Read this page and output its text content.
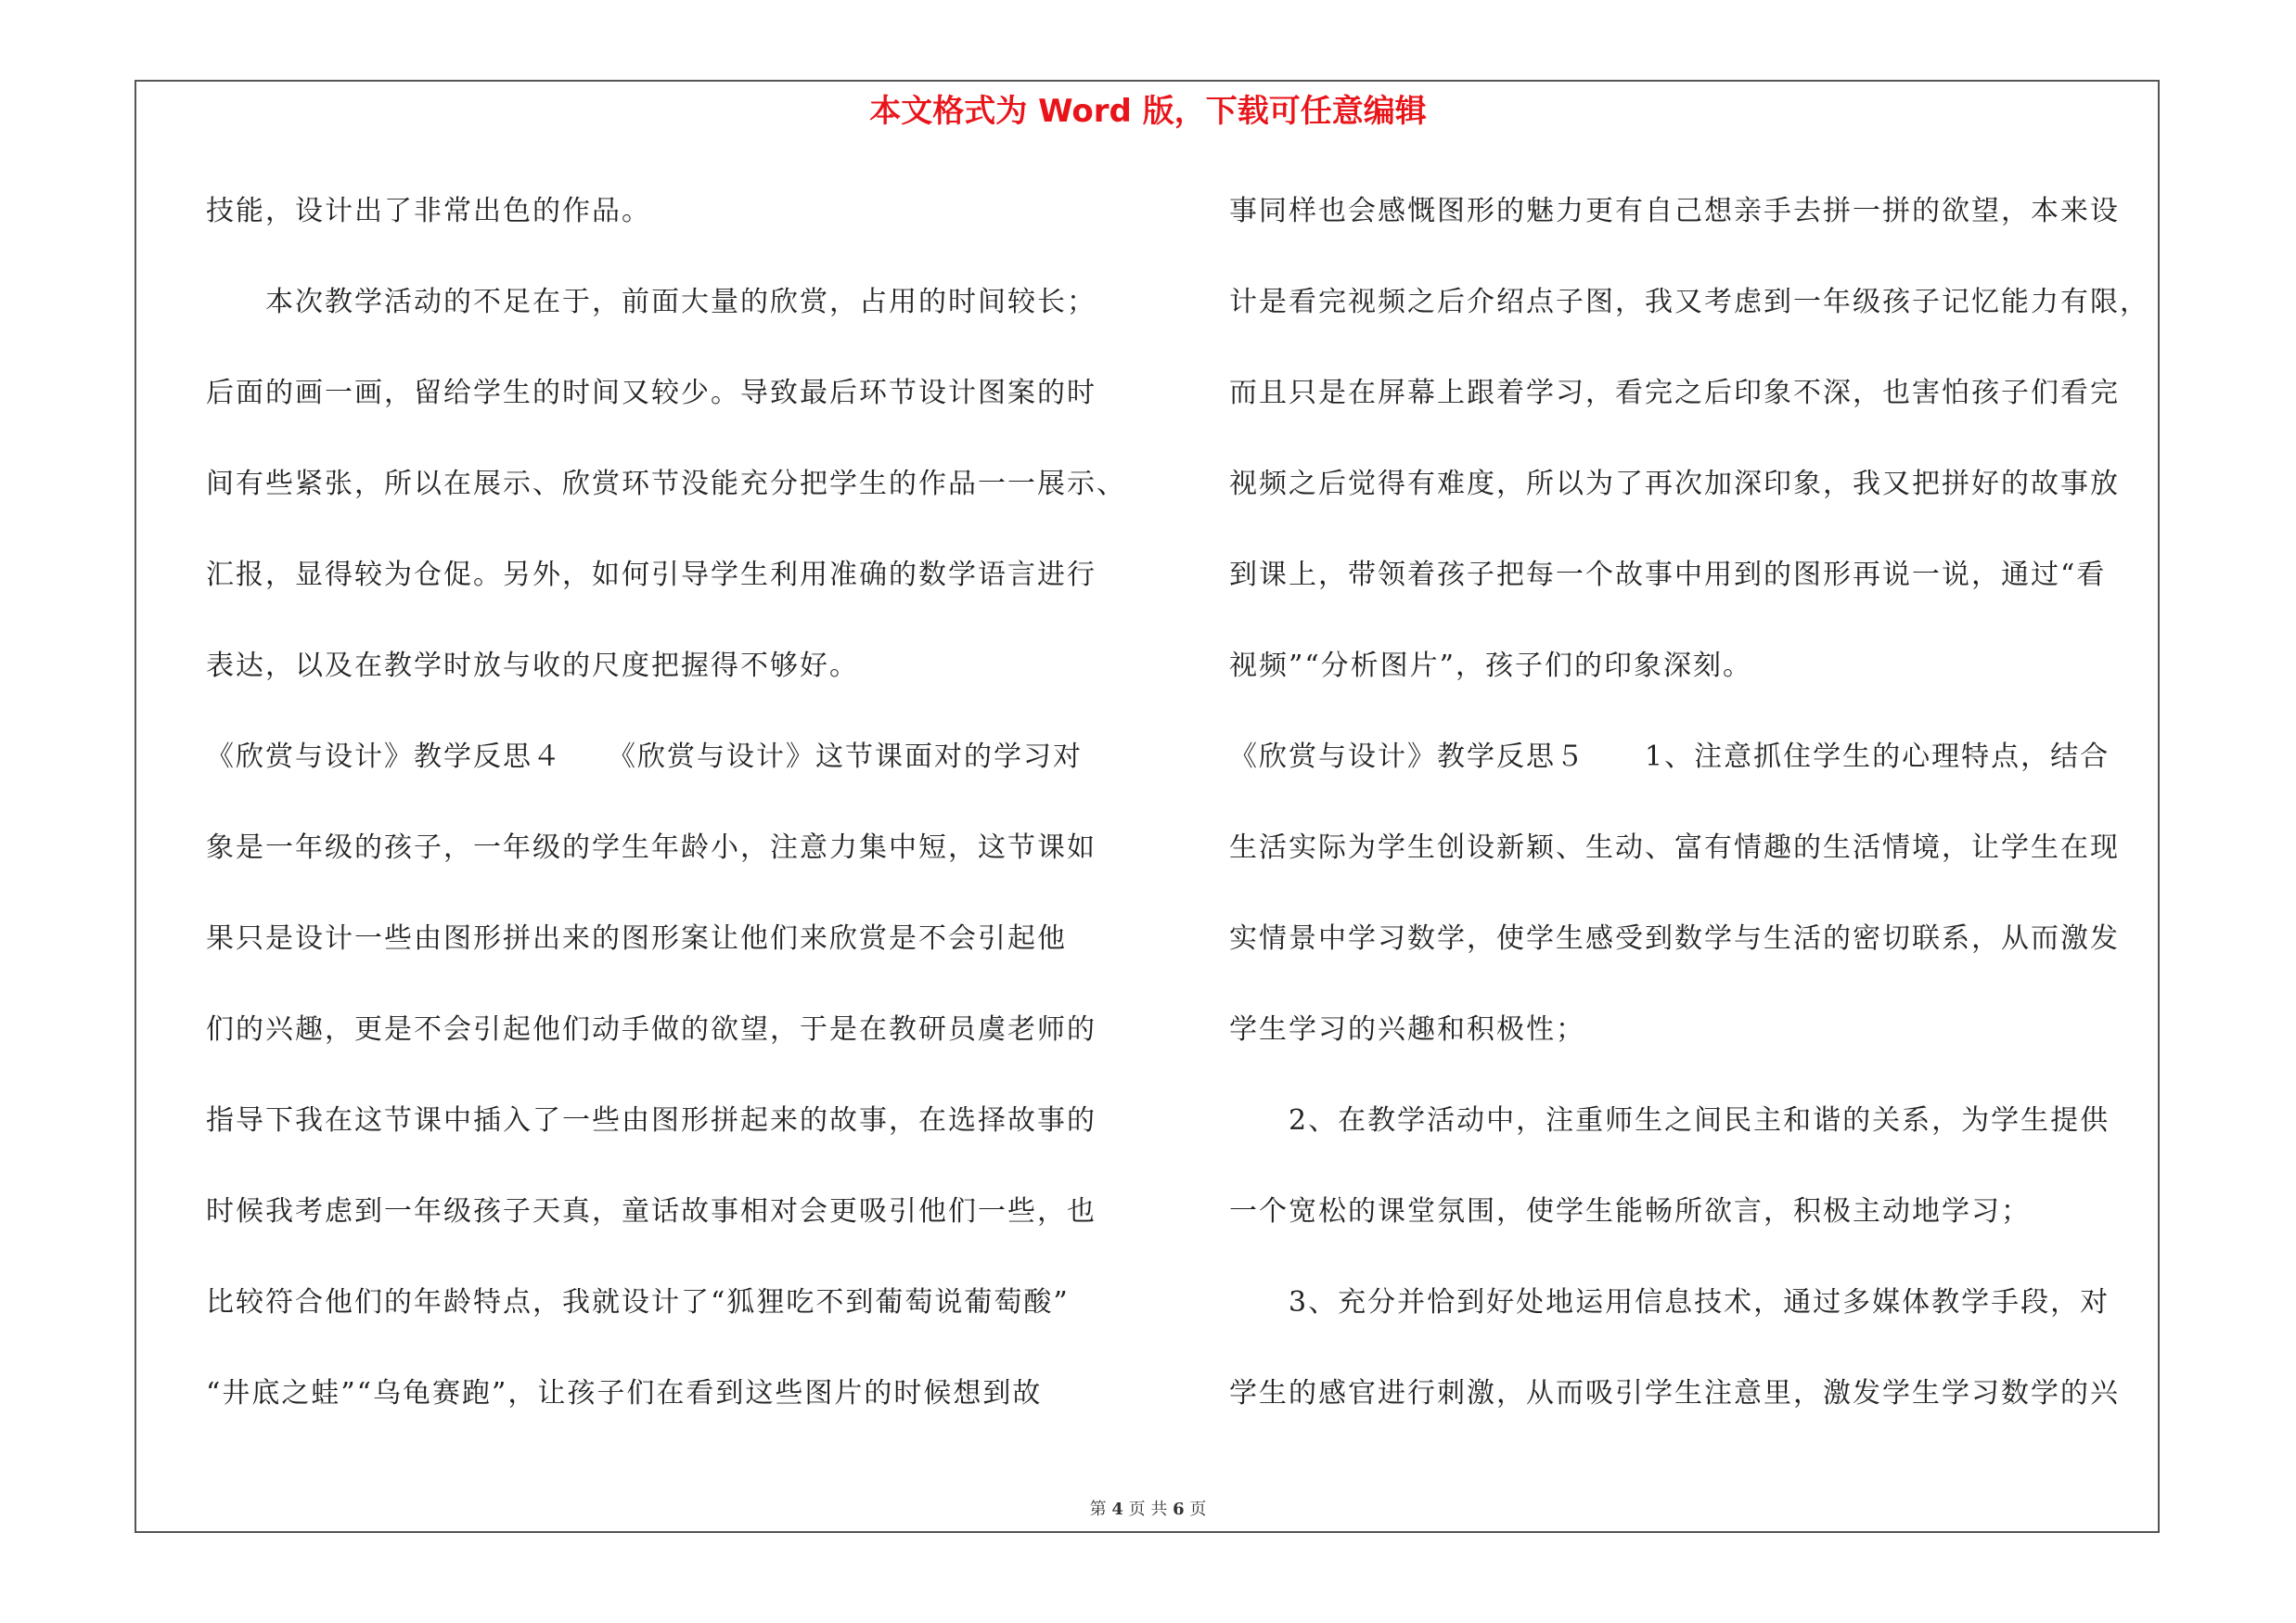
本文格式为 Word 版，下载可任意编辑
技能，设计出了非常出色的作品。
　　本次教学活动的不足在于，前面大量的欣赏，占用的时间较长；
后面的画一画，留给学生的时间又较少。导致最后环节设计图案的时
间有些紧张，所以在展示、欣赏环节没能充分把学生的作品一一展示、
汇报，显得较为仓促。另外，如何引导学生利用准确的数学语言进行
表达，以及在教学时放与收的尺度把握得不够好。
《欣赏与设计》教学反思４　　《欣赏与设计》这节课面对的学习对
象是一年级的孩子，一年级的学生年龄小，注意力集中短，这节课如
果只是设计一些由图形拼出来的图形案让他们来欣赏是不会引起他
们的兴趣，更是不会引起他们动手做的欲望，于是在教研员虞老师的
指导下我在这节课中插入了一些由图形拼起来的故事，在选择故事的
时候我考虑到一年级孩子天真，童话故事相对会更吸引他们一些，也
比较符合他们的年龄特点，我就设计了“狐狸吃不到葡萄说葡萄酸”
“井底之蛙”“乌龟赛跑”，让孩子们在看到这些图片的时候想到故
事同样也会感慨图形的魅力更有自己想亲手去拼一拼的欲望，本来设
计是看完视频之后介绍点子图，我又考虑到一年级孩子记忆能力有限，
而且只是在屏幕上跟着学习，看完之后印象不深，也害怕孩子们看完
视频之后觉得有难度，所以为了再次加深印象，我又把拼好的故事放
到课上，带领着孩子把每一个故事中用到的图形再说一说，通过“看
视频”“分析图片”，孩子们的印象深刻。
《欣赏与设计》教学反思５　　1、注意抓住学生的心理特点，结合
生活实际为学生创设新颖、生动、富有情趣的生活情境，让学生在现
实情景中学习数学，使学生感受到数学与生活的密切联系，从而激发
学生学习的兴趣和积极性；
　　2、在教学活动中，注重师生之间民主和谐的关系，为学生提供
一个宽松的课堂氛围，使学生能畅所欲言，积极主动地学习；
　　3、充分并恰到好处地运用信息技术，通过多媒体教学手段，对
学生的感官进行刺激，从而吸引学生注意里，激发学生学习数学的兴
第 4 页 共 6 页
